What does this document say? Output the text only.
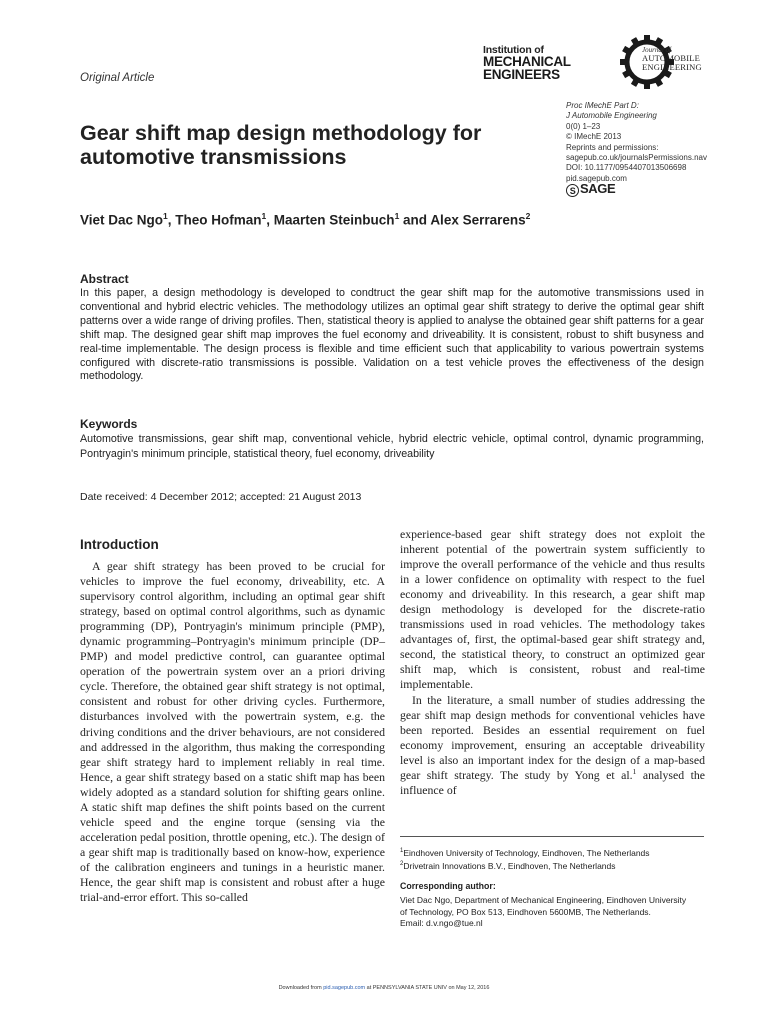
Original Article
Institution of
MECHANICAL
ENGINEERS
Journal of
AUTOMOBILE
ENGINEERING
Proc IMechE Part D:
J Automobile Engineering
0(0) 1–23
© IMechE 2013
Reprints and permissions:
sagepub.co.uk/journalsPermissions.nav
DOI: 10.1177/0954407013506698
pid.sagepub.com
S SAGE
Gear shift map design methodology for automotive transmissions
Viet Dac Ngo$^1$, Theo Hofman$^1$, Maarten Steinbuch$^1$ and Alex Serrarens$^2$
Abstract
In this paper, a design methodology is developed to condtruct the gear shift map for the automotive transmissions used in conventional and hybrid electric vehicles. The methodology utilizes an optimal gear shift strategy to derive the optimal gear shift patterns over a wide range of driving profiles. Then, statistical theory is applied to analyse the obtained gear shift patterns for a gear shift map. The designed gear shift map improves the fuel economy and driveability. It is consistent, robust to shift busyness and real-time implementable. The design process is flexible and time efficient such that applicability to various powertrain systems configured with discrete-ratio transmissions is possible. Validation on a test vehicle proves the effectiveness of the design methodology.
Keywords
Automotive transmissions, gear shift map, conventional vehicle, hybrid electric vehicle, optimal control, dynamic programming, Pontryagin's minimum principle, statistical theory, fuel economy, driveability
Date received: 4 December 2012; accepted: 21 August 2013
Introduction

A gear shift strategy has been proved to be crucial for vehicles to improve the fuel economy, driveability, etc. A supervisory control algorithm, including an optimal gear shift strategy, based on optimal control algorithms, such as dynamic programming (DP), Pontryagin's minimum principle (PMP), dynamic programming–Pontryagin's minimum principle (DP–PMP) and model predictive control, can guarantee optimal operation of the powertrain system over an a priori driving cycle. Therefore, the obtained gear shift strategy is not optimal, consistent and robust for other driving cycles. Furthermore, disturbances involved with the powertrain system, e.g. the driving conditions and the driver behaviours, are not considered and addressed in the algorithm, thus making the corresponding gear shift strategy hard to implement reliably in real time. Hence, a gear shift strategy based on a static shift map has been widely adopted as a standard solution for shifting gears online. A static shift map defines the shift points based on the current vehicle speed and the engine torque (sensing via the acceleration pedal position, throttle opening, etc.). The design of a gear shift map is traditionally based on know-how, experience of the calibration engineers and tunings in a heuristic maner. Hence, the gear shift map is consistent and robust after a huge trial-and-error effort. This so-called

experience-based gear shift strategy does not exploit the inherent potential of the powertrain system sufficiently to improve the overall performance of the vehicle and thus results in a lower confidence on optimality with respect to the fuel economy and driveability. In this research, a gear shift map design methodology is developed for the discrete-ratio transmissions used in road vehicles. The methodology takes advantages of, first, the optimal-based gear shift strategy and, second, the statistical theory, to construct an optimized gear shift map, which is consistent, robust and real-time implementable.

In the literature, a small number of studies addressing the gear shift map design methods for conventional vehicles have been reported. Besides an essential requirement on fuel economy improvement, ensuring an acceptable driveability level is also an important index for the design of a map-based gear shift strategy. The study by Yong et al.$^1$ analysed the influence of

$^1$Eindhoven University of Technology, Eindhoven, The Netherlands
$^2$Drivetrain Innovations B.V., Eindhoven, The Netherlands
Corresponding author:
Viet Dac Ngo, Department of Mechanical Engineering, Eindhoven University of Technology, PO Box 513, Eindhoven 5600MB, The Netherlands.
Email: d.v.ngo@tue.nl
Downloaded from pid.sagepub.com at PENNSYLVANIA STATE UNIV on May 12, 2016
